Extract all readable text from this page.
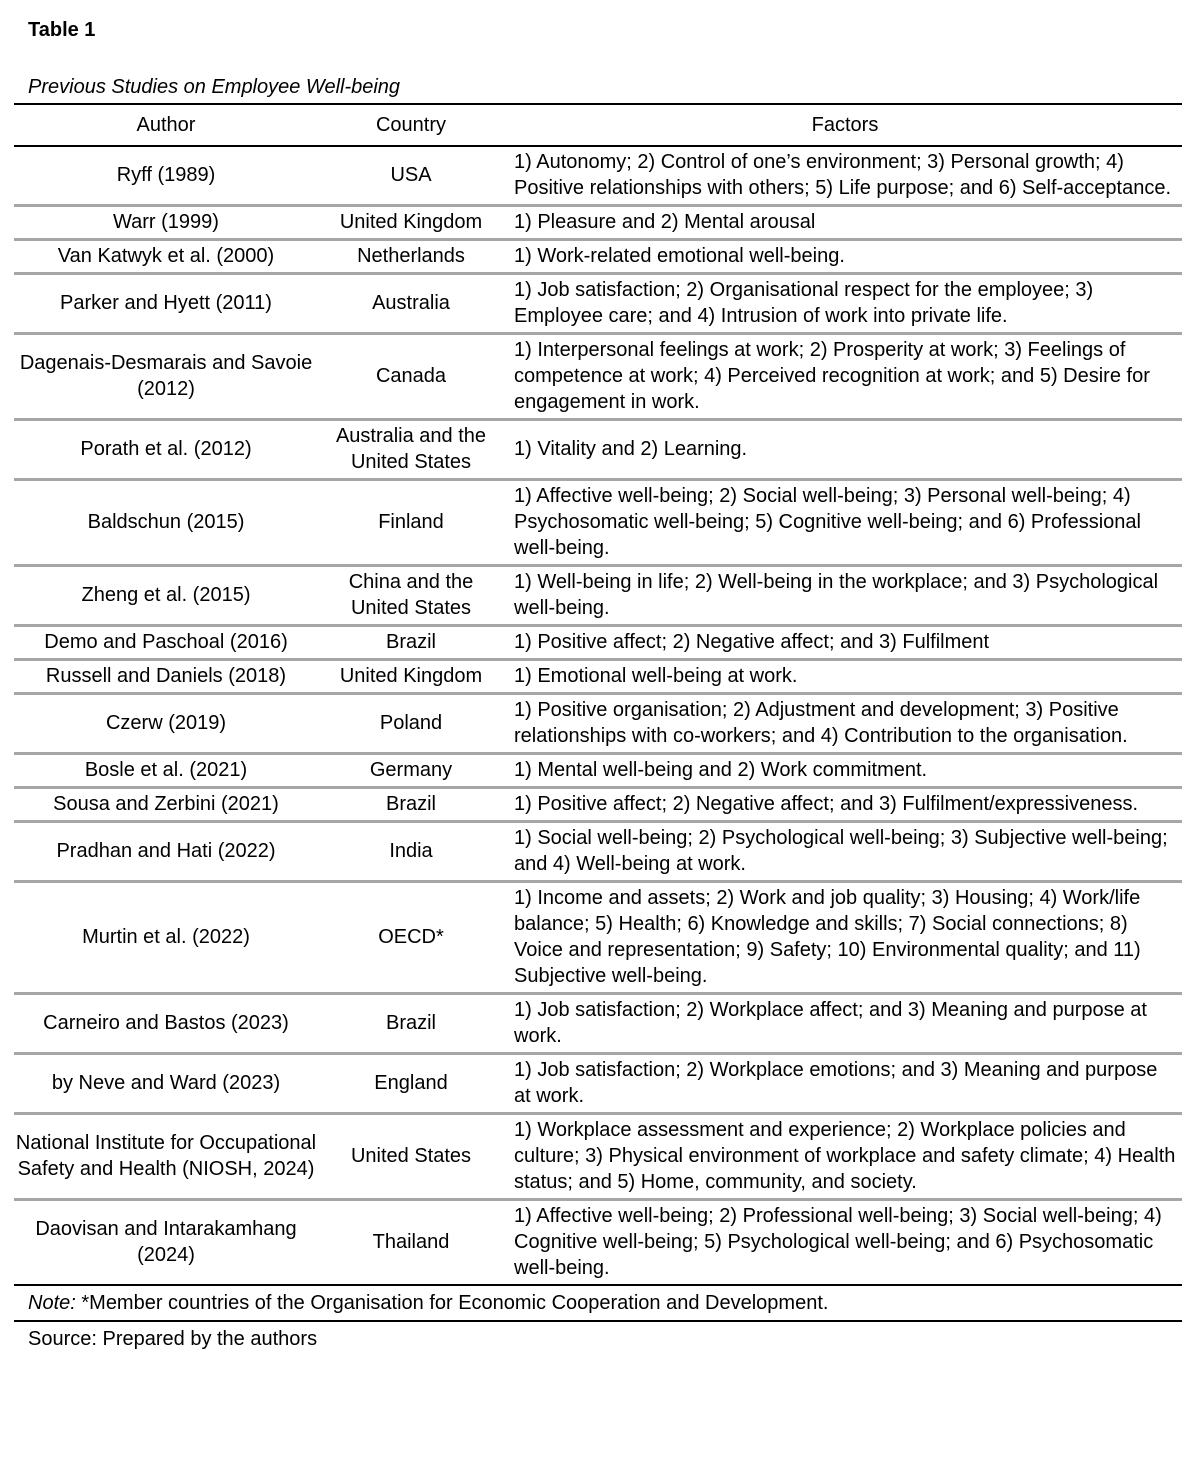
Table 1
Previous Studies on Employee Well-being
Author	Country	Factors
Ryff (1989)	USA	1) Autonomy; 2) Control of one’s environment; 3) Personal growth; 4) Positive relationships with others; 5) Life purpose; and 6) Self-acceptance.
Warr (1999)	United Kingdom	1) Pleasure and 2) Mental arousal
Van Katwyk et al. (2000)	Netherlands	1) Work-related emotional well-being.
Parker and Hyett (2011)	Australia	1) Job satisfaction; 2) Organisational respect for the employee; 3) Employee care; and 4) Intrusion of work into private life.
Dagenais-Desmarais and Savoie (2012)	Canada	1) Interpersonal feelings at work; 2) Prosperity at work; 3) Feelings of competence at work; 4) Perceived recognition at work; and 5) Desire for engagement in work.
Porath et al. (2012)	Australia and the United States	1) Vitality and 2) Learning.
Baldschun (2015)	Finland	1) Affective well-being; 2) Social well-being; 3) Personal well-being; 4) Psychosomatic well-being; 5) Cognitive well-being; and 6) Professional well-being.
Zheng et al. (2015)	China and the United States	1) Well-being in life; 2) Well-being in the workplace; and 3) Psychological well-being.
Demo and Paschoal (2016)	Brazil	1) Positive affect; 2) Negative affect; and 3) Fulfilment
Russell and Daniels (2018)	United Kingdom	1) Emotional well-being at work.
Czerw (2019)	Poland	1) Positive organisation; 2) Adjustment and development; 3) Positive relationships with co-workers; and 4) Contribution to the organisation.
Bosle et al. (2021)	Germany	1) Mental well-being and 2) Work commitment.
Sousa and Zerbini (2021)	Brazil	1) Positive affect; 2) Negative affect; and 3) Fulfilment/expressiveness.
Pradhan and Hati (2022)	India	1) Social well-being; 2) Psychological well-being; 3) Subjective well-being; and 4) Well-being at work.
Murtin et al. (2022)	OECD*	1) Income and assets; 2) Work and job quality; 3) Housing; 4) Work/life balance; 5) Health; 6) Knowledge and skills; 7) Social connections; 8) Voice and representation; 9) Safety; 10) Environmental quality; and 11) Subjective well-being.
Carneiro and Bastos (2023)	Brazil	1) Job satisfaction; 2) Workplace affect; and 3) Meaning and purpose at work.
by Neve and Ward (2023)	England	1) Job satisfaction; 2) Workplace emotions; and 3) Meaning and purpose at work.
National Institute for Occupational Safety and Health (NIOSH, 2024)	United States	1) Workplace assessment and experience; 2) Workplace policies and culture; 3) Physical environment of workplace and safety climate; 4) Health status; and 5) Home, community, and society.
Daovisan and Intarakamhang (2024)	Thailand	1) Affective well-being; 2) Professional well-being; 3) Social well-being; 4) Cognitive well-being; 5) Psychological well-being; and 6) Psychosomatic well-being.
Note: *Member countries of the Organisation for Economic Cooperation and Development.
Source: Prepared by the authors
